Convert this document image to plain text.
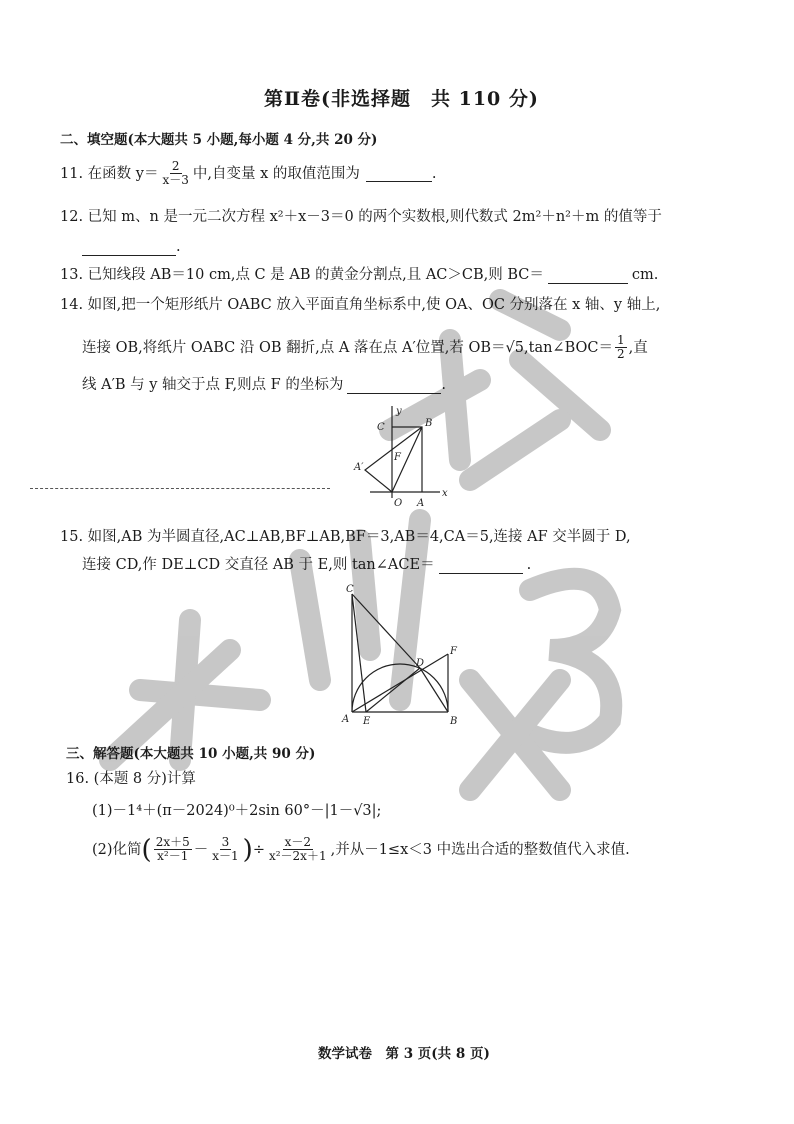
第Ⅱ卷(非选择题　共 110 分)
二、填空题(本大题共 5 小题,每小题 4 分,共 20 分)
11. 在函数 $y= \frac{2}{x-3}$ 中,自变量 x 的取值范围为	.
12. 已知 m、n 是一元二次方程 x²＋x－3＝0 的两个实数根,则代数式 2m²＋n²＋m 的值等于
.
13. 已知线段 AB＝10 cm,点 C 是 AB 的黄金分割点,且 AC＞CB,则 BC＝	cm.
14. 如图,把一个矩形纸片 OABC 放入平面直角坐标系中,使 OA、OC 分别落在 x 轴、y 轴上,
连接 OB,将纸片 OABC 沿 OB 翻折,点 A 落在点 A′位置,若 OB＝√5,tan∠BOC＝ $\frac{1}{2}$ ,直
线 A′B 与 y 轴交于点 F,则点 F 的坐标为	.
y
x
C	B
F
A′
O A
15. 如图,AB 为半圆直径,AC⊥AB,BF⊥AB,BF＝3,AB＝4,CA＝5,连接 AF 交半圆于 D,
连接 CD,作 DE⊥CD 交直径 AB 于 E,则 tan∠ACE＝	.
C
D
F
A E	B
三、解答题(本大题共 10 小题,共 90 分)
16. (本题 8 分)计算
(1)－1⁴＋(π－2024)⁰＋2sin 60°－|1－√3|;
(2)化简 ( $\frac{2x+5}{\text{x²－1}} - \frac{3}{x-1}$ ) ÷ $\frac{x-2}{\text{x²－2x＋1}}$ ,并从－1≤x＜3 中选出合适的整数值代入求值.
数学试卷　第 3 页(共 8 页)
